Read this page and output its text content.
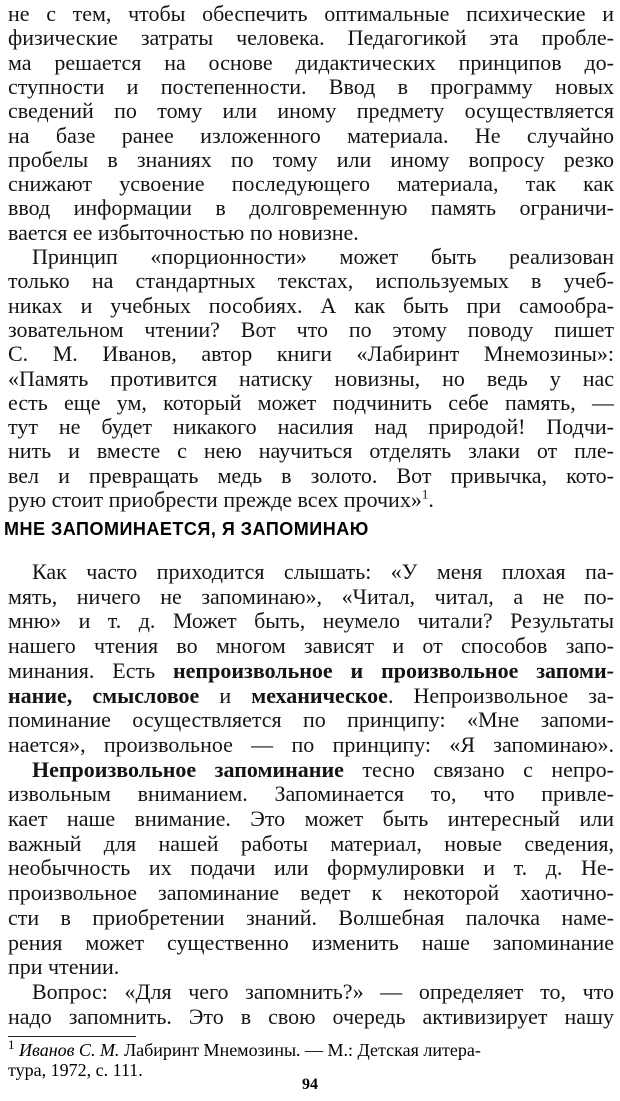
не с тем, чтобы обеспечить оптимальные психические и
физические затраты человека. Педагогикой эта пробле-
ма решается на основе дидактических принципов до-
ступности и постепенности. Ввод в программу новых
сведений по тому или иному предмету осуществляется
на базе ранее изложенного материала. Не случайно
пробелы в знаниях по тому или иному вопросу резко
снижают усвоение последующего материала, так как
ввод информации в долговременную память ограничи-
вается ее избыточностью по новизне.
Принцип «порционности» может быть реализован
только на стандартных текстах, используемых в учеб-
никах и учебных пособиях. А как быть при самообра-
зовательном чтении? Вот что по этому поводу пишет
С. М. Иванов, автор книги «Лабиринт Мнемозины»:
«Память противится натиску новизны, но ведь у нас
есть еще ум, который может подчинить себе память, —
тут не будет никакого насилия над природой! Подчи-
нить и вместе с нею научиться отделять злаки от пле-
вел и превращать медь в золото. Вот привычка, кото-
рую стоит приобрести прежде всех прочих»$^1$.
МНЕ ЗАПОМИНАЕТСЯ, Я ЗАПОМИНАЮ
Как часто приходится слышать: «У меня плохая па-
мять, ничего не запоминаю», «Читал, читал, а не по-
мню» и т. д. Может быть, неумело читали? Результаты
нашего чтения во многом зависят и от способов запо-
минания. Есть непроизвольное и произвольное запоми-
нание, смысловое и механическое. Непроизвольное за-
поминание осуществляется по принципу: «Мне запоми-
нается», произвольное — по принципу: «Я запоминаю».
Непроизвольное запоминание тесно связано с непро-
извольным вниманием. Запоминается то, что привле-
кает наше внимание. Это может быть интересный или
важный для нашей работы материал, новые сведения,
необычность их подачи или формулировки и т. д. Не-
произвольное запоминание ведет к некоторой хаотично-
сти в приобретении знаний. Волшебная палочка наме-
рения может существенно изменить наше запоминание
при чтении.
Вопрос: «Для чего запомнить?» — определяет то, что
надо запомнить. Это в свою очередь активизирует нашу
$^1$ Иванов С. М. Лабиринт Мнемозины. — М.: Детская литера-
тура, 1972, с. 111.
94
